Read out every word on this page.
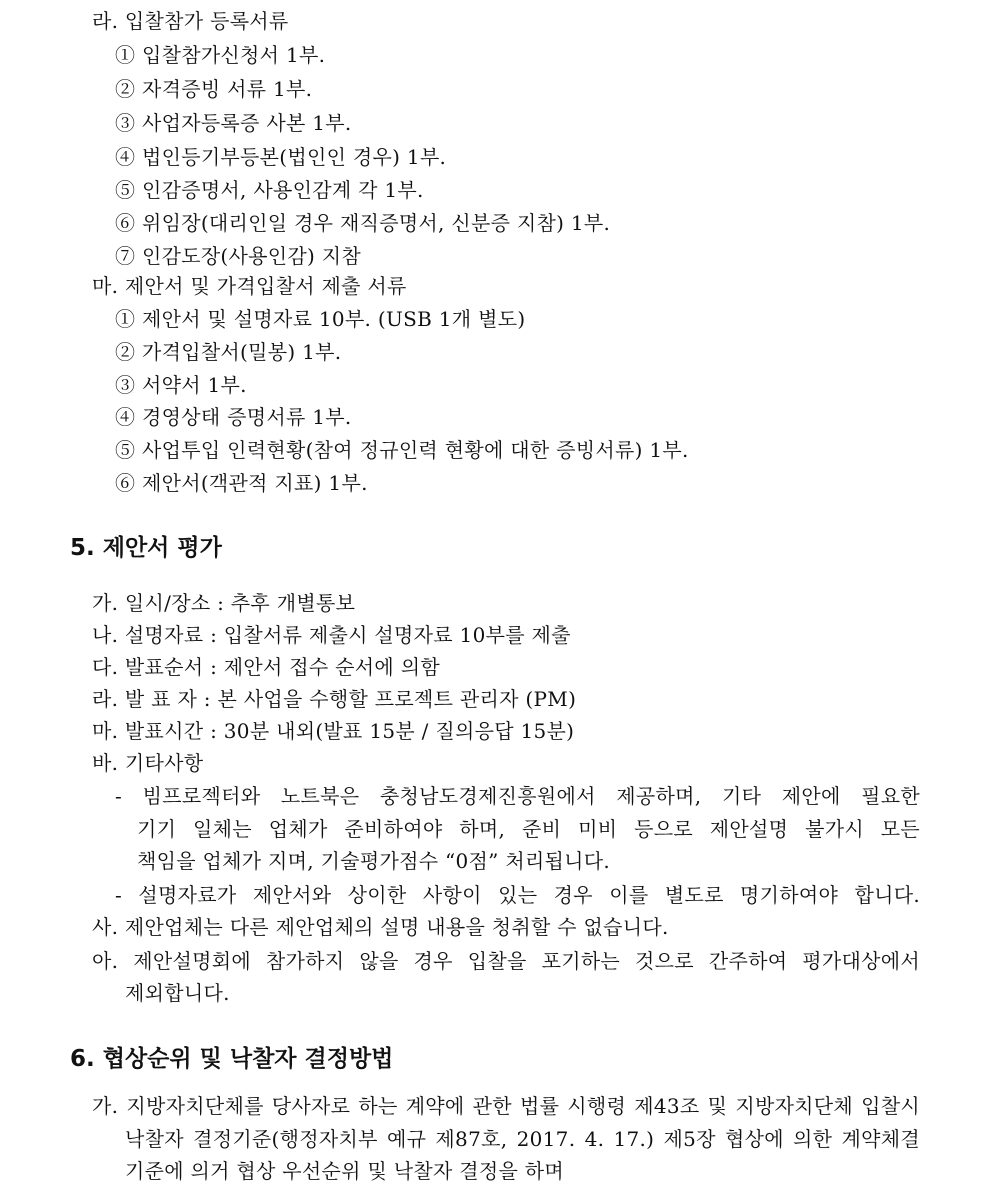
라. 입찰참가 등록서류
① 입찰참가신청서 1부.
② 자격증빙 서류 1부.
③ 사업자등록증 사본 1부.
④ 법인등기부등본(법인인 경우) 1부.
⑤ 인감증명서, 사용인감계 각 1부.
⑥ 위임장(대리인일 경우 재직증명서, 신분증 지참) 1부.
⑦ 인감도장(사용인감) 지참
마. 제안서 및 가격입찰서 제출 서류
① 제안서 및 설명자료 10부. (USB 1개 별도)
② 가격입찰서(밀봉) 1부.
③ 서약서 1부.
④ 경영상태 증명서류 1부.
⑤ 사업투입 인력현황(참여 정규인력 현황에 대한 증빙서류) 1부.
⑥ 제안서(객관적 지표) 1부.
5. 제안서 평가
가. 일시/장소 : 추후 개별통보
나. 설명자료 : 입찰서류 제출시 설명자료 10부를 제출
다. 발표순서 : 제안서 접수 순서에 의함
라. 발 표 자 : 본 사업을 수행할 프로젝트 관리자 (PM)
마. 발표시간 : 30분 내외(발표 15분 / 질의응답 15분)
바. 기타사항
- 빔프로젝터와 노트북은 충청남도경제진흥원에서 제공하며, 기타 제안에 필요한
기기 일체는 업체가 준비하여야 하며, 준비 미비 등으로 제안설명 불가시 모든
책임을 업체가 지며, 기술평가점수 “0점” 처리됩니다.
- 설명자료가 제안서와 상이한 사항이 있는 경우 이를 별도로 명기하여야 합니다.
사. 제안업체는 다른 제안업체의 설명 내용을 청취할 수 없습니다.
아. 제안설명회에 참가하지 않을 경우 입찰을 포기하는 것으로 간주하여 평가대상에서
제외합니다.
6. 협상순위 및 낙찰자 결정방법
가. 지방자치단체를 당사자로 하는 계약에 관한 법률 시행령 제43조 및 지방자치단체 입찰시
낙찰자 결정기준(행정자치부 예규 제87호, 2017. 4. 17.) 제5장 협상에 의한 계약체결
기준에 의거 협상 우선순위 및 낙찰자 결정을 하며
